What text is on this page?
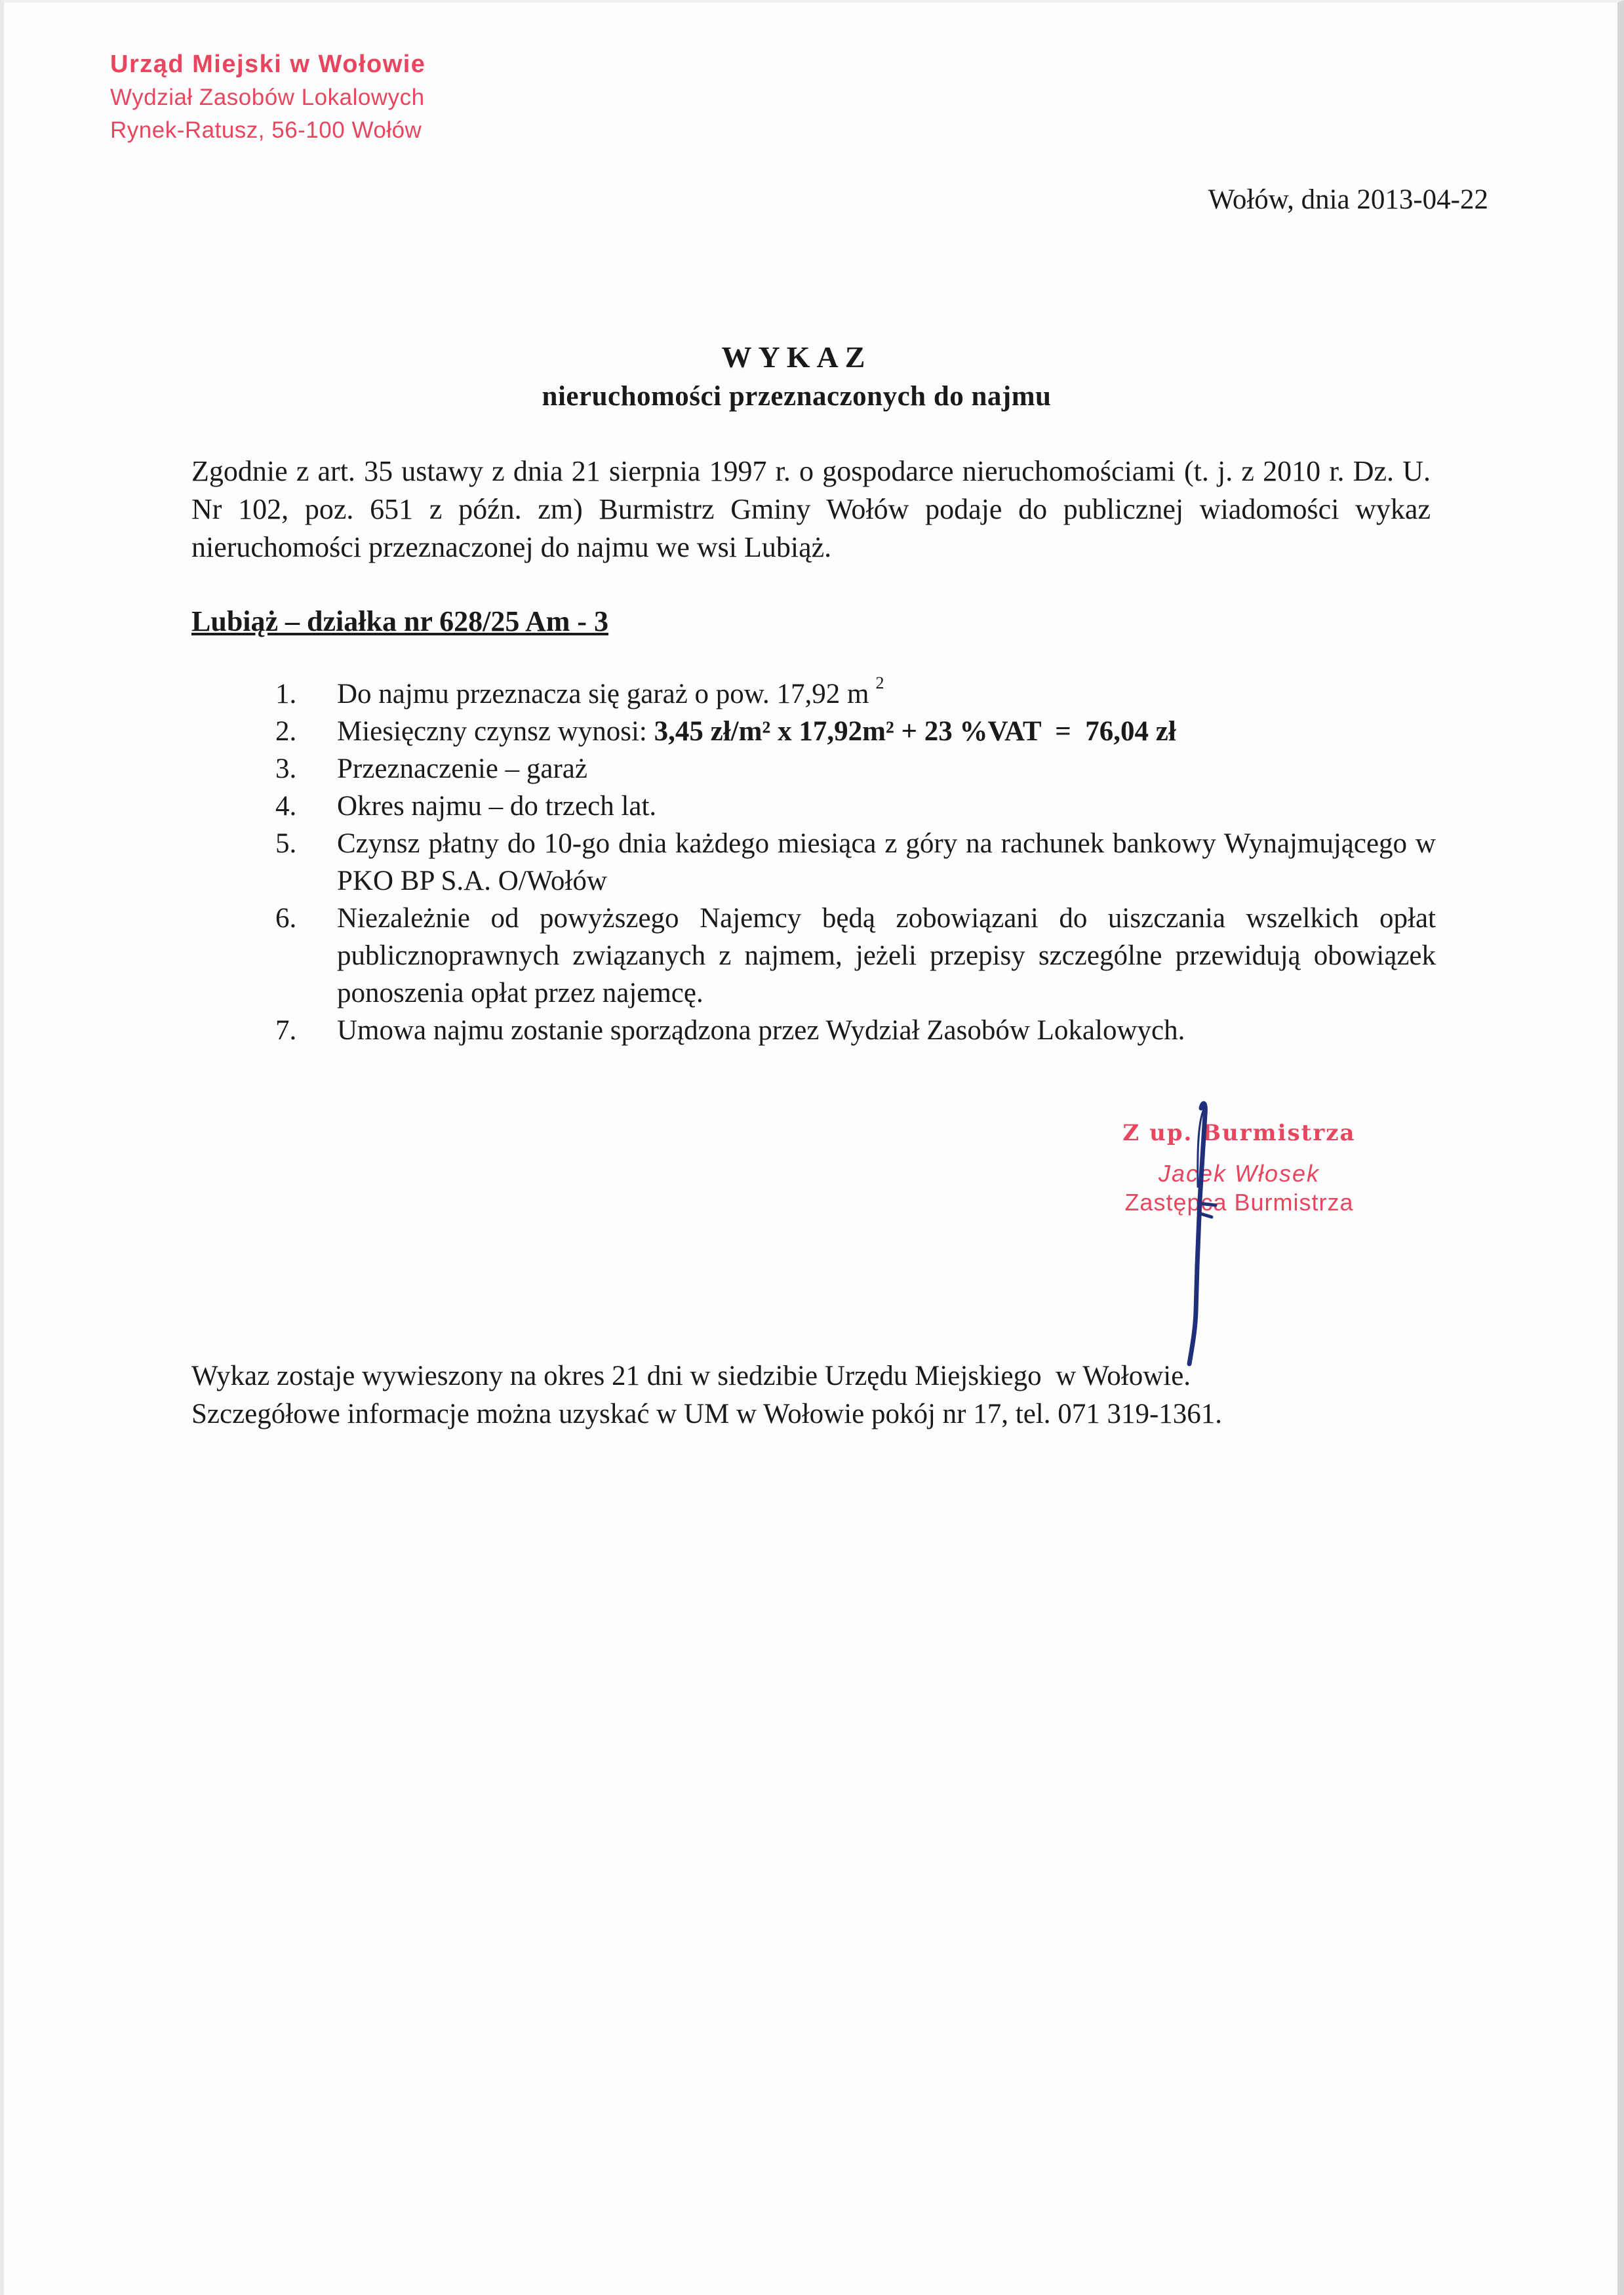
Urząd Miejski w Wołowie
Wydział Zasobów Lokalowych
Rynek-Ratusz, 56-100 Wołów
Wołów, dnia 2013-04-22
WYKAZ
nieruchomości przeznaczonych do najmu
Zgodnie z art. 35 ustawy z dnia 21 sierpnia 1997 r. o gospodarce nieruchomościami (t. j. z 2010 r. Dz. U. Nr 102, poz. 651 z późn. zm) Burmistrz Gminy Wołów podaje do publicznej wiadomości wykaz nieruchomości przeznaczonej do najmu we wsi Lubiąż.
Lubiąż – działka nr 628/25 Am - 3
1.	Do najmu przeznacza się garaż o pow. 17,92 m $^2$
2.	Miesięczny czynsz wynosi: 3,45 zł/m² x 17,92m² + 23 %VAT  =  76,04 zł
3.	Przeznaczenie – garaż
4.	Okres najmu – do trzech lat.
5.	Czynsz płatny do 10-go dnia każdego miesiąca z góry na rachunek bankowy Wynajmującego w PKO BP S.A. O/Wołów
6.	Niezależnie od powyższego Najemcy będą zobowiązani do uiszczania wszelkich opłat publicznoprawnych związanych z najmem, jeżeli przepisy szczególne przewidują obowiązek ponoszenia opłat przez najemcę.
7.	Umowa najmu zostanie sporządzona przez Wydział Zasobów Lokalowych.
Z up. Burmistrza
Jacek Włosek
Zastępca Burmistrza
Wykaz zostaje wywieszony na okres 21 dni w siedzibie Urzędu Miejskiego  w Wołowie.
Szczegółowe informacje można uzyskać w UM w Wołowie pokój nr 17, tel. 071 319-1361.
